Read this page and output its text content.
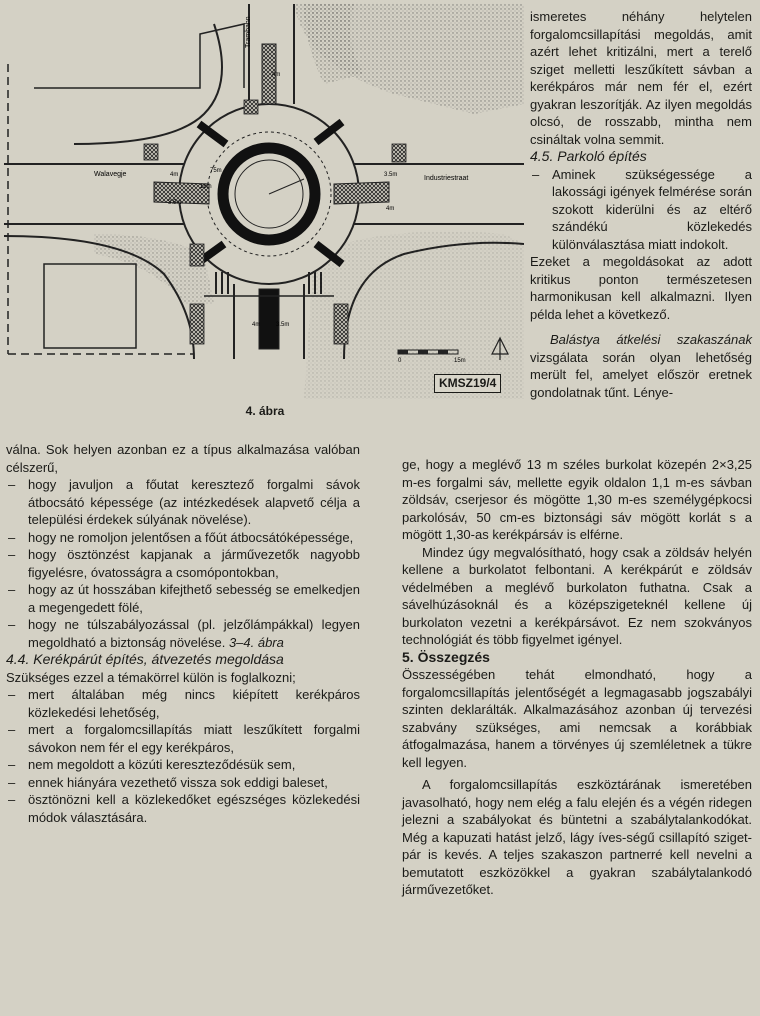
Trambahn
Walavegje
Industriestraat
4m
4m
4m
4m
16m
75m
3.5m
3.5m
3.5m
0	15m
KMSZ19/4
4. ábra

ismeretes néhány helytelen forgalomcsillapítási megoldás, amit azért lehet kritizálni, mert a terelő sziget melletti leszűkített sávban a kerékpáros már nem fér el, ezért gyakran leszorítják. Az ilyen megoldás olcsó, de rosszabb, mintha nem csináltak volna semmit.

4.5. Parkoló építés

– Aminek szükségessége a lakossági igények felmérése során szokott kiderülni és az eltérő szándékú közlekedés különválasztása miatt indokolt.

Ezeket a megoldásokat az adott kritikus ponton természetesen harmonikusan kell alkalmazni. Ilyen példa lehet a következő.

Balástya átkelési szakaszának vizsgálata során olyan lehetőség merült fel, amelyet először eretnek gondolatnak tűnt. Lénye-

ge, hogy a meglévő 13 m széles burkolat közepén 2×3,25 m-es forgalmi sáv, mellette egyik oldalon 1,1 m-es sávban zöldsáv, cserjesor és mögötte 1,30 m-es személygépkocsi parkolósáv, 50 cm-es biztonsági sáv mögött korlát s a mögött 1,30-as kerékpársáv is elférne.

Mindez úgy megvalósítható, hogy csak a zöldsáv helyén kellene a burkolatot felbontani. A kerékpárút e zöldsáv védelmében a meglévő burkolaton futhatna. Csak a sávelhúzásoknál és a középszigeteknél kellene új burkolaton vezetni a kerékpársávot. Ez nem szokványos technológiát és több figyelmet igényel.

5. Összegzés

Összességében tehát elmondható, hogy a forgalomcsillapítás jelentőségét a legmagasabb jogszabályi szinten deklarálták. Alkalmazásához azonban új tervezési szabvány szükséges, ami nemcsak a korábbiak átfogalmazása, hanem a törvényes új szemléletnek a tükre kell legyen.

A forgalomcsillapítás eszköztárának ismeretében javasolható, hogy nem elég a falu elején és a végén ridegen jelezni a szabályokat és büntetni a szabálytalankodókat. Még a kapuzati hatást jelző, lágy íves-ségű csillapító sziget-pár is kevés. A teljes szakaszon partnerré kell nevelni a bemutatott eszközökkel a gyakran szabálytalankodó járművezetőket.

válna. Sok helyen azonban ez a típus alkalmazása valóban célszerű,

– hogy javuljon a főutat keresztező forgalmi sávok átbocsátó képessége (az intézkedések alapvető célja a települési érdekek súlyának növelése).

– hogy ne romoljon jelentősen a főút átbocsátóképessége,

– hogy ösztönzést kapjanak a járművezetők nagyobb figyelésre, óvatosságra a csomópontokban,

– hogy az út hosszában kifejthető sebesség se emelkedjen a megengedett fölé,

– hogy ne túlszabályozással (pl. jelzőlámpákkal) legyen megoldható a biztonság növelése. 3–4. ábra

4.4. Kerékpárút építés, átvezetés megoldása

Szükséges ezzel a témakörrel külön is foglalkozni;

– mert általában még nincs kiépített kerékpáros közlekedési lehetőség,

– mert a forgalomcsillapítás miatt leszűkített forgalmi sávokon nem fér el egy kerékpáros,

– nem megoldott a közúti kereszteződésük sem,

– ennek hiányára vezethető vissza sok eddigi baleset,

– ösztönözni kell a közlekedőket egészséges közlekedési módok választására.
